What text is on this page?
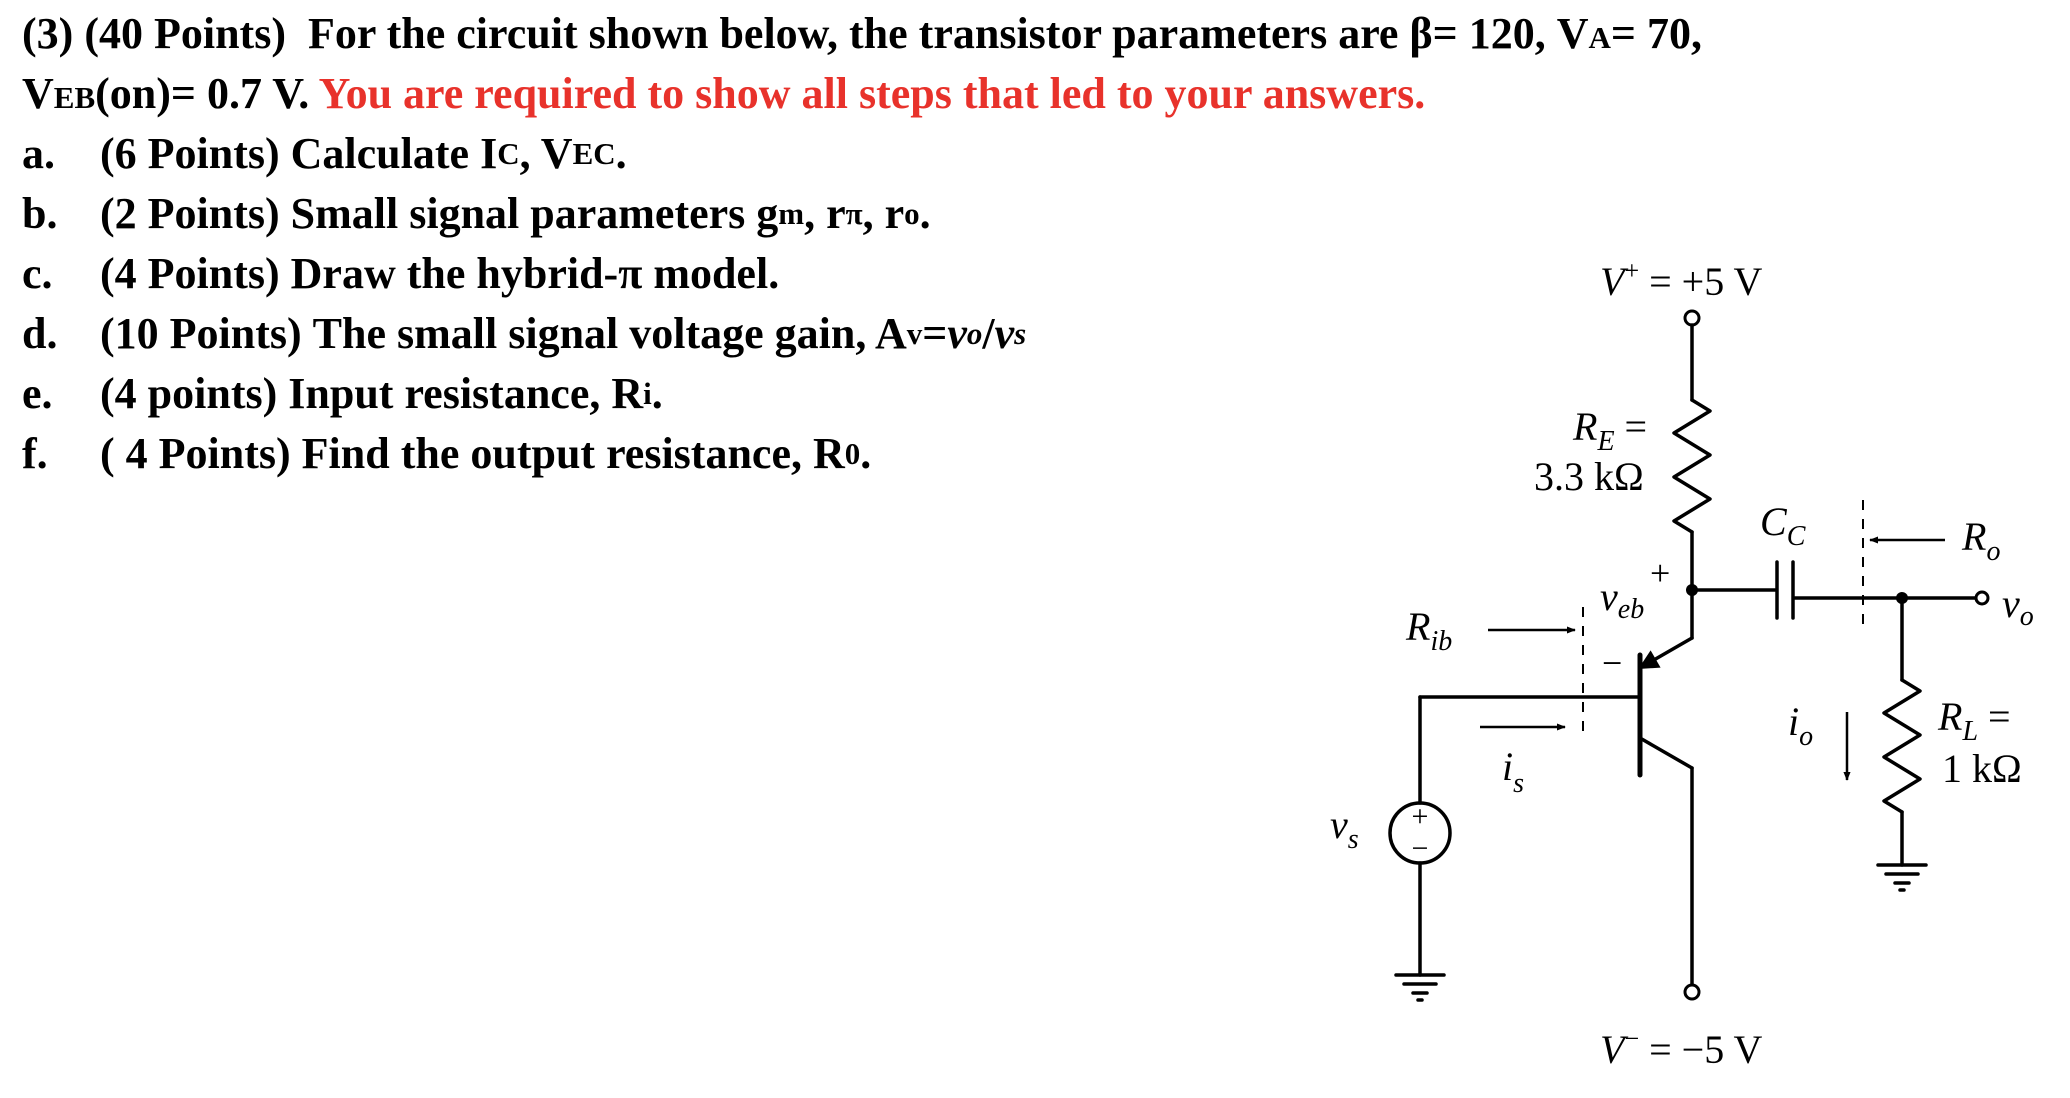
(3) (40 Points) For the circuit shown below, the transistor parameters are β= 120, VA= 70,
VEB(on)= 0.7 V. You are required to show all steps that led to your answers.
a.	(6 Points)
Calculate I C , V EC .
b. (2 Points)
Small signal parameters g m , r π , r o .
c.	(4 Points)
Draw the hybrid-π model.
d. (10 Points)
The small signal voltage gain, A v = v o / v s
e.	(4 points)
Input resistance, R i .
f.	( 4 Points)
Find the output resistance, R 0 .
V+ = +5 V
$R_E$ =
3.3 kΩ
$C_C$	$R_o$
$v_o$
+
$v_{eb}$
−
$R_{ib}$
$i_s$
$i_o$	$R_L$ =
1 kΩ
$v_s$
+
−
V− = −5 V
